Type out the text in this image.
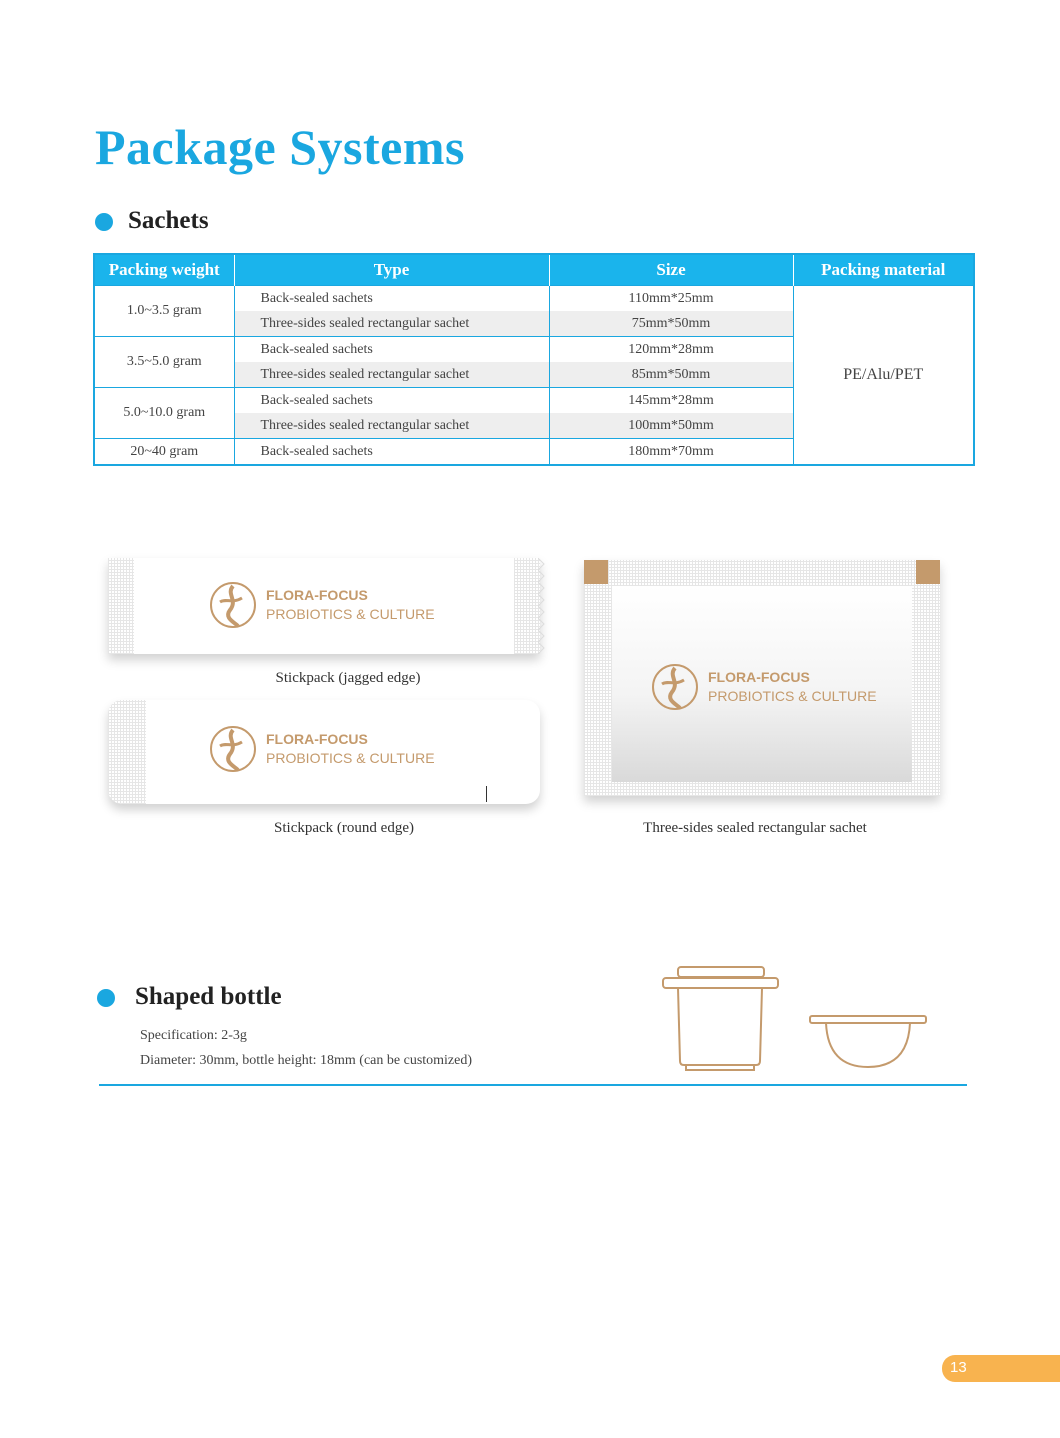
Package Systems
Sachets
Packing weight	Type	Size	Packing material
1.0~3.5 gram	Back-sealed sachets	110mm*25mm	PE/Alu/PET
	Three-sides sealed rectangular sachet	75mm*50mm	
3.5~5.0 gram	Back-sealed sachets	120mm*28mm	
	Three-sides sealed rectangular sachet	85mm*50mm	
5.0~10.0 gram	Back-sealed sachets	145mm*28mm	
	Three-sides sealed rectangular sachet	100mm*50mm	
20~40 gram	Back-sealed sachets	180mm*70mm	
FLORA-FOCUS
PROBIOTICS & CULTURE
Stickpack (jagged edge)
FLORA-FOCUS
PROBIOTICS & CULTURE
Stickpack (round edge)
FLORA-FOCUS
PROBIOTICS & CULTURE
Three-sides sealed rectangular sachet
Shaped bottle
Specification: 2-3g
Diameter: 30mm, bottle height: 18mm (can be customized)
13
